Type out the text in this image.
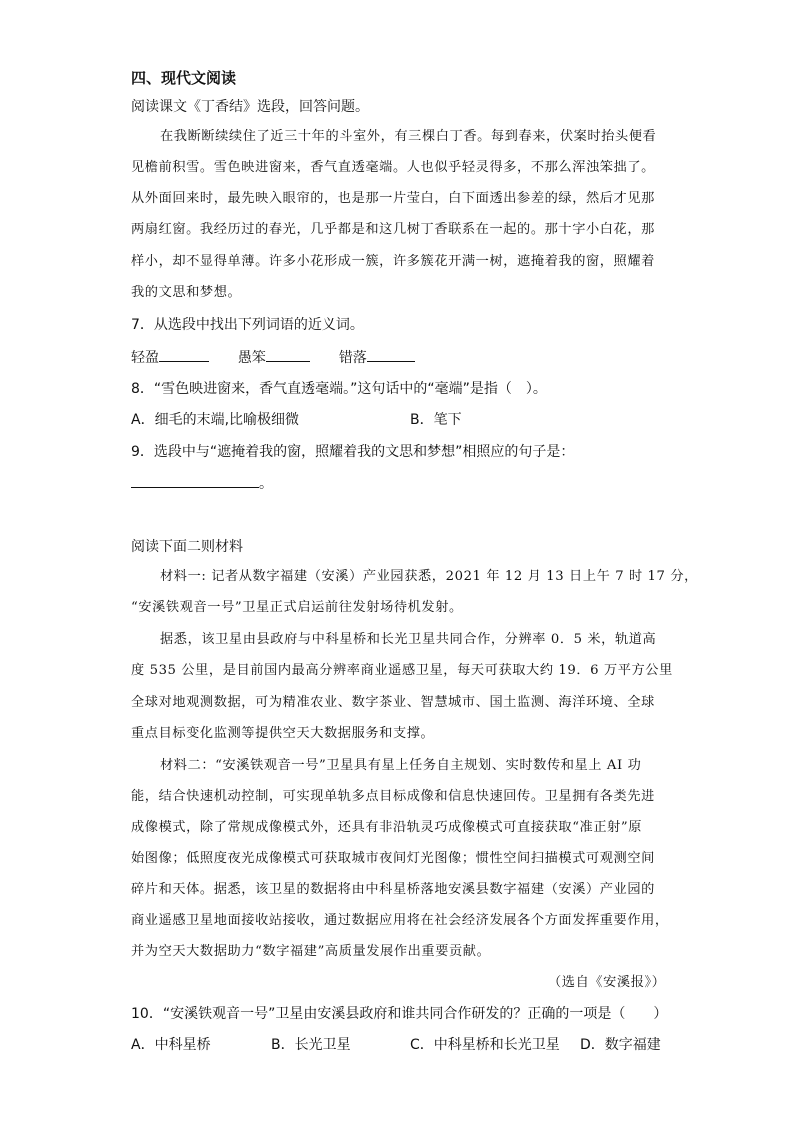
四、现代文阅读
阅读课文《丁香结》选段，回答问题。
在我断断续续住了近三十年的斗室外，有三棵白丁香。每到春来，伏案时抬头便看
见檐前积雪。雪色映进窗来，香气直透毫端。人也似乎轻灵得多，不那么浑浊笨拙了。
从外面回来时，最先映入眼帘的，也是那一片莹白，白下面透出参差的绿，然后才见那
两扇红窗。我经历过的春光，几乎都是和这几树丁香联系在一起的。那十字小白花，那
样小，却不显得单薄。许多小花形成一簇，许多簇花开满一树，遮掩着我的窗，照耀着
我的文思和梦想。
7．从选段中找出下列词语的近义词。
轻盈	愚笨	错落
8．“雪色映进窗来，香气直透毫端。”这句话中的“毫端”是指（　）。
A．细毛的末端,比喻极细微	B．笔下
9．选段中与“遮掩着我的窗，照耀着我的文思和梦想”相照应的句子是：
。
阅读下面二则材料
材料一: 记者从数字福建（安溪）产业园获悉，2021 年 12 月 13 日上午 7 时 17 分，
“安溪铁观音一号”卫星正式启运前往发射场待机发射。
据悉，该卫星由县政府与中科星桥和长光卫星共同合作，分辨率 0．5 米，轨道高
度 535 公里，是目前国内最高分辨率商业遥感卫星，每天可获取大约 19．6 万平方公里
全球对地观测数据，可为精准农业、数字茶业、智慧城市、国土监测、海洋环境、全球
重点目标变化监测等提供空天大数据服务和支撑。
材料二：“安溪铁观音一号”卫星具有星上任务自主规划、实时数传和星上 AI 功
能，结合快速机动控制，可实现单轨多点目标成像和信息快速回传。卫星拥有各类先进
成像模式，除了常规成像模式外，还具有非沿轨灵巧成像模式可直接获取“准正射”原
始图像；低照度夜光成像模式可获取城市夜间灯光图像；惯性空间扫描模式可观测空间
碎片和天体。据悉，该卫星的数据将由中科星桥落地安溪县数字福建（安溪）产业园的
商业遥感卫星地面接收站接收，通过数据应用将在社会经济发展各个方面发挥重要作用，
并为空天大数据助力“数字福建”高质量发展作出重要贡献。
（选自《安溪报》）
10．“安溪铁观音一号”卫星由安溪县政府和谁共同合作研发的？正确的一项是（　　）
A．中科星桥	B．长光卫星	C．中科星桥和长光卫星 D．数字福建
